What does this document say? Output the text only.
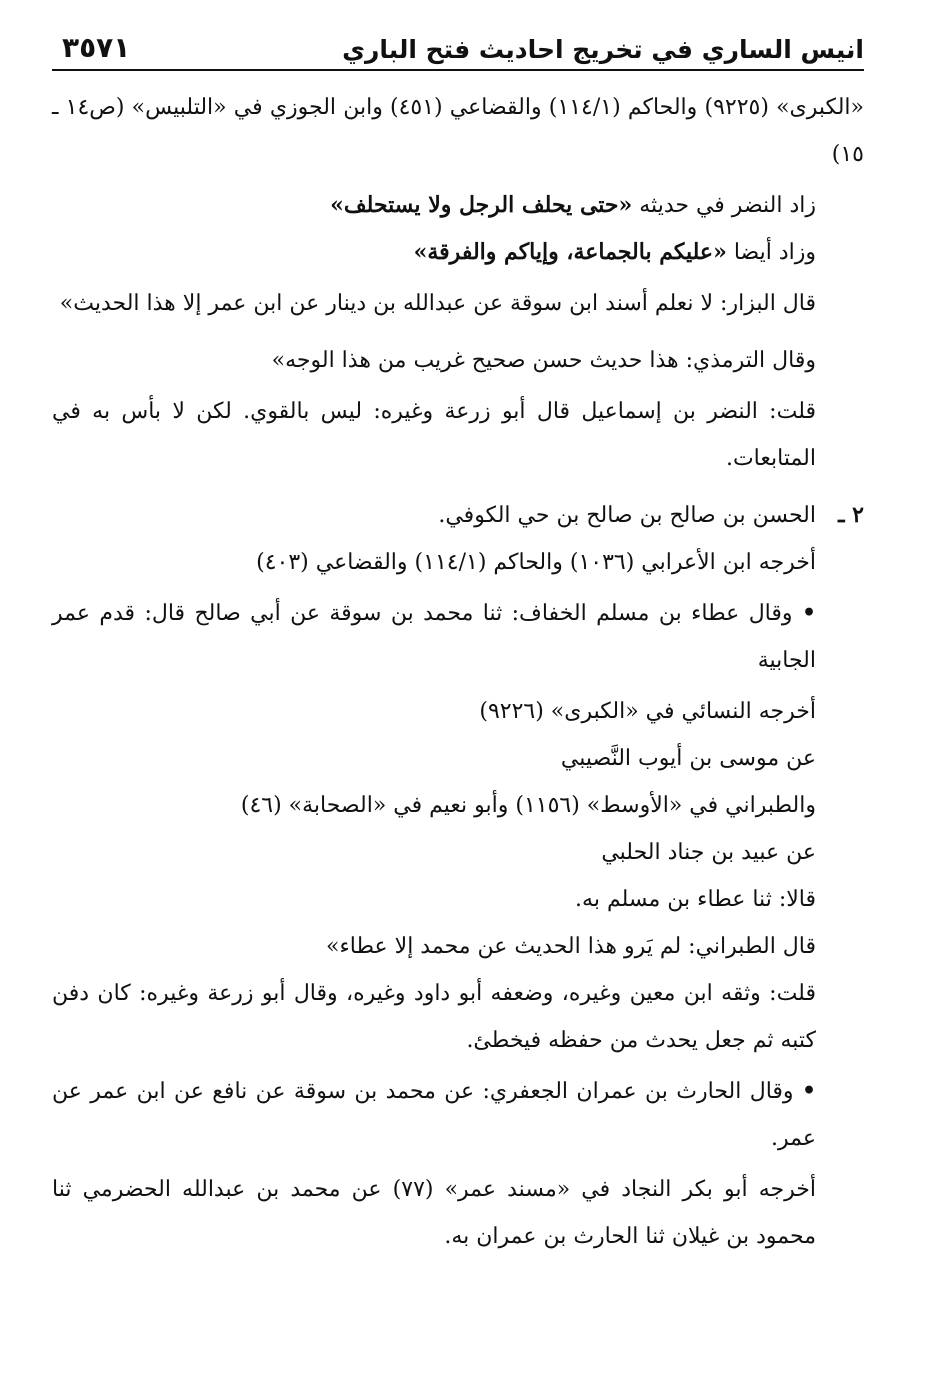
انيس الساري في تخريج احاديث فتح الباري
٣٥٧١

«الكبرى» (٩٢٢٥) والحاكم (١١٤/١) والقضاعي (٤٥١) وابن الجوزي في «التلبيس» (ص١٤ ـ ١٥)

زاد النضر في حديثه «حتى يحلف الرجل ولا يستحلف»

وزاد أيضا «عليكم بالجماعة، وإياكم والفرقة»

قال البزار: لا نعلم أسند ابن سوقة عن عبدالله بن دينار عن ابن عمر إلا هذا الحديث»

وقال الترمذي: هذا حديث حسن صحيح غريب من هذا الوجه»

قلت: النضر بن إسماعيل قال أبو زرعة وغيره: ليس بالقوي. لكن لا بأس به في المتابعات.

٢ ـ
الحسن بن صالح بن صالح بن حي الكوفي.

أخرجه ابن الأعرابي (١٠٣٦) والحاكم (١١٤/١) والقضاعي (٤٠٣)

• وقال عطاء بن مسلم الخفاف: ثنا محمد بن سوقة عن أبي صالح قال: قدم عمر الجابية

أخرجه النسائي في «الكبرى» (٩٢٢٦)

عن موسى بن أيوب النَّصيبي

والطبراني في «الأوسط» (١١٥٦) وأبو نعيم في «الصحابة» (٤٦)

عن عبيد بن جناد الحلبي

قالا: ثنا عطاء بن مسلم به.

قال الطبراني: لم يَرو هذا الحديث عن محمد إلا عطاء»

قلت: وثقه ابن معين وغيره، وضعفه أبو داود وغيره، وقال أبو زرعة وغيره: كان دفن كتبه ثم جعل يحدث من حفظه فيخطئ.

• وقال الحارث بن عمران الجعفري: عن محمد بن سوقة عن نافع عن ابن عمر عن عمر.

أخرجه أبو بكر النجاد في «مسند عمر» (٧٧) عن محمد بن عبدالله الحضرمي ثنا محمود بن غيلان ثنا الحارث بن عمران به.
